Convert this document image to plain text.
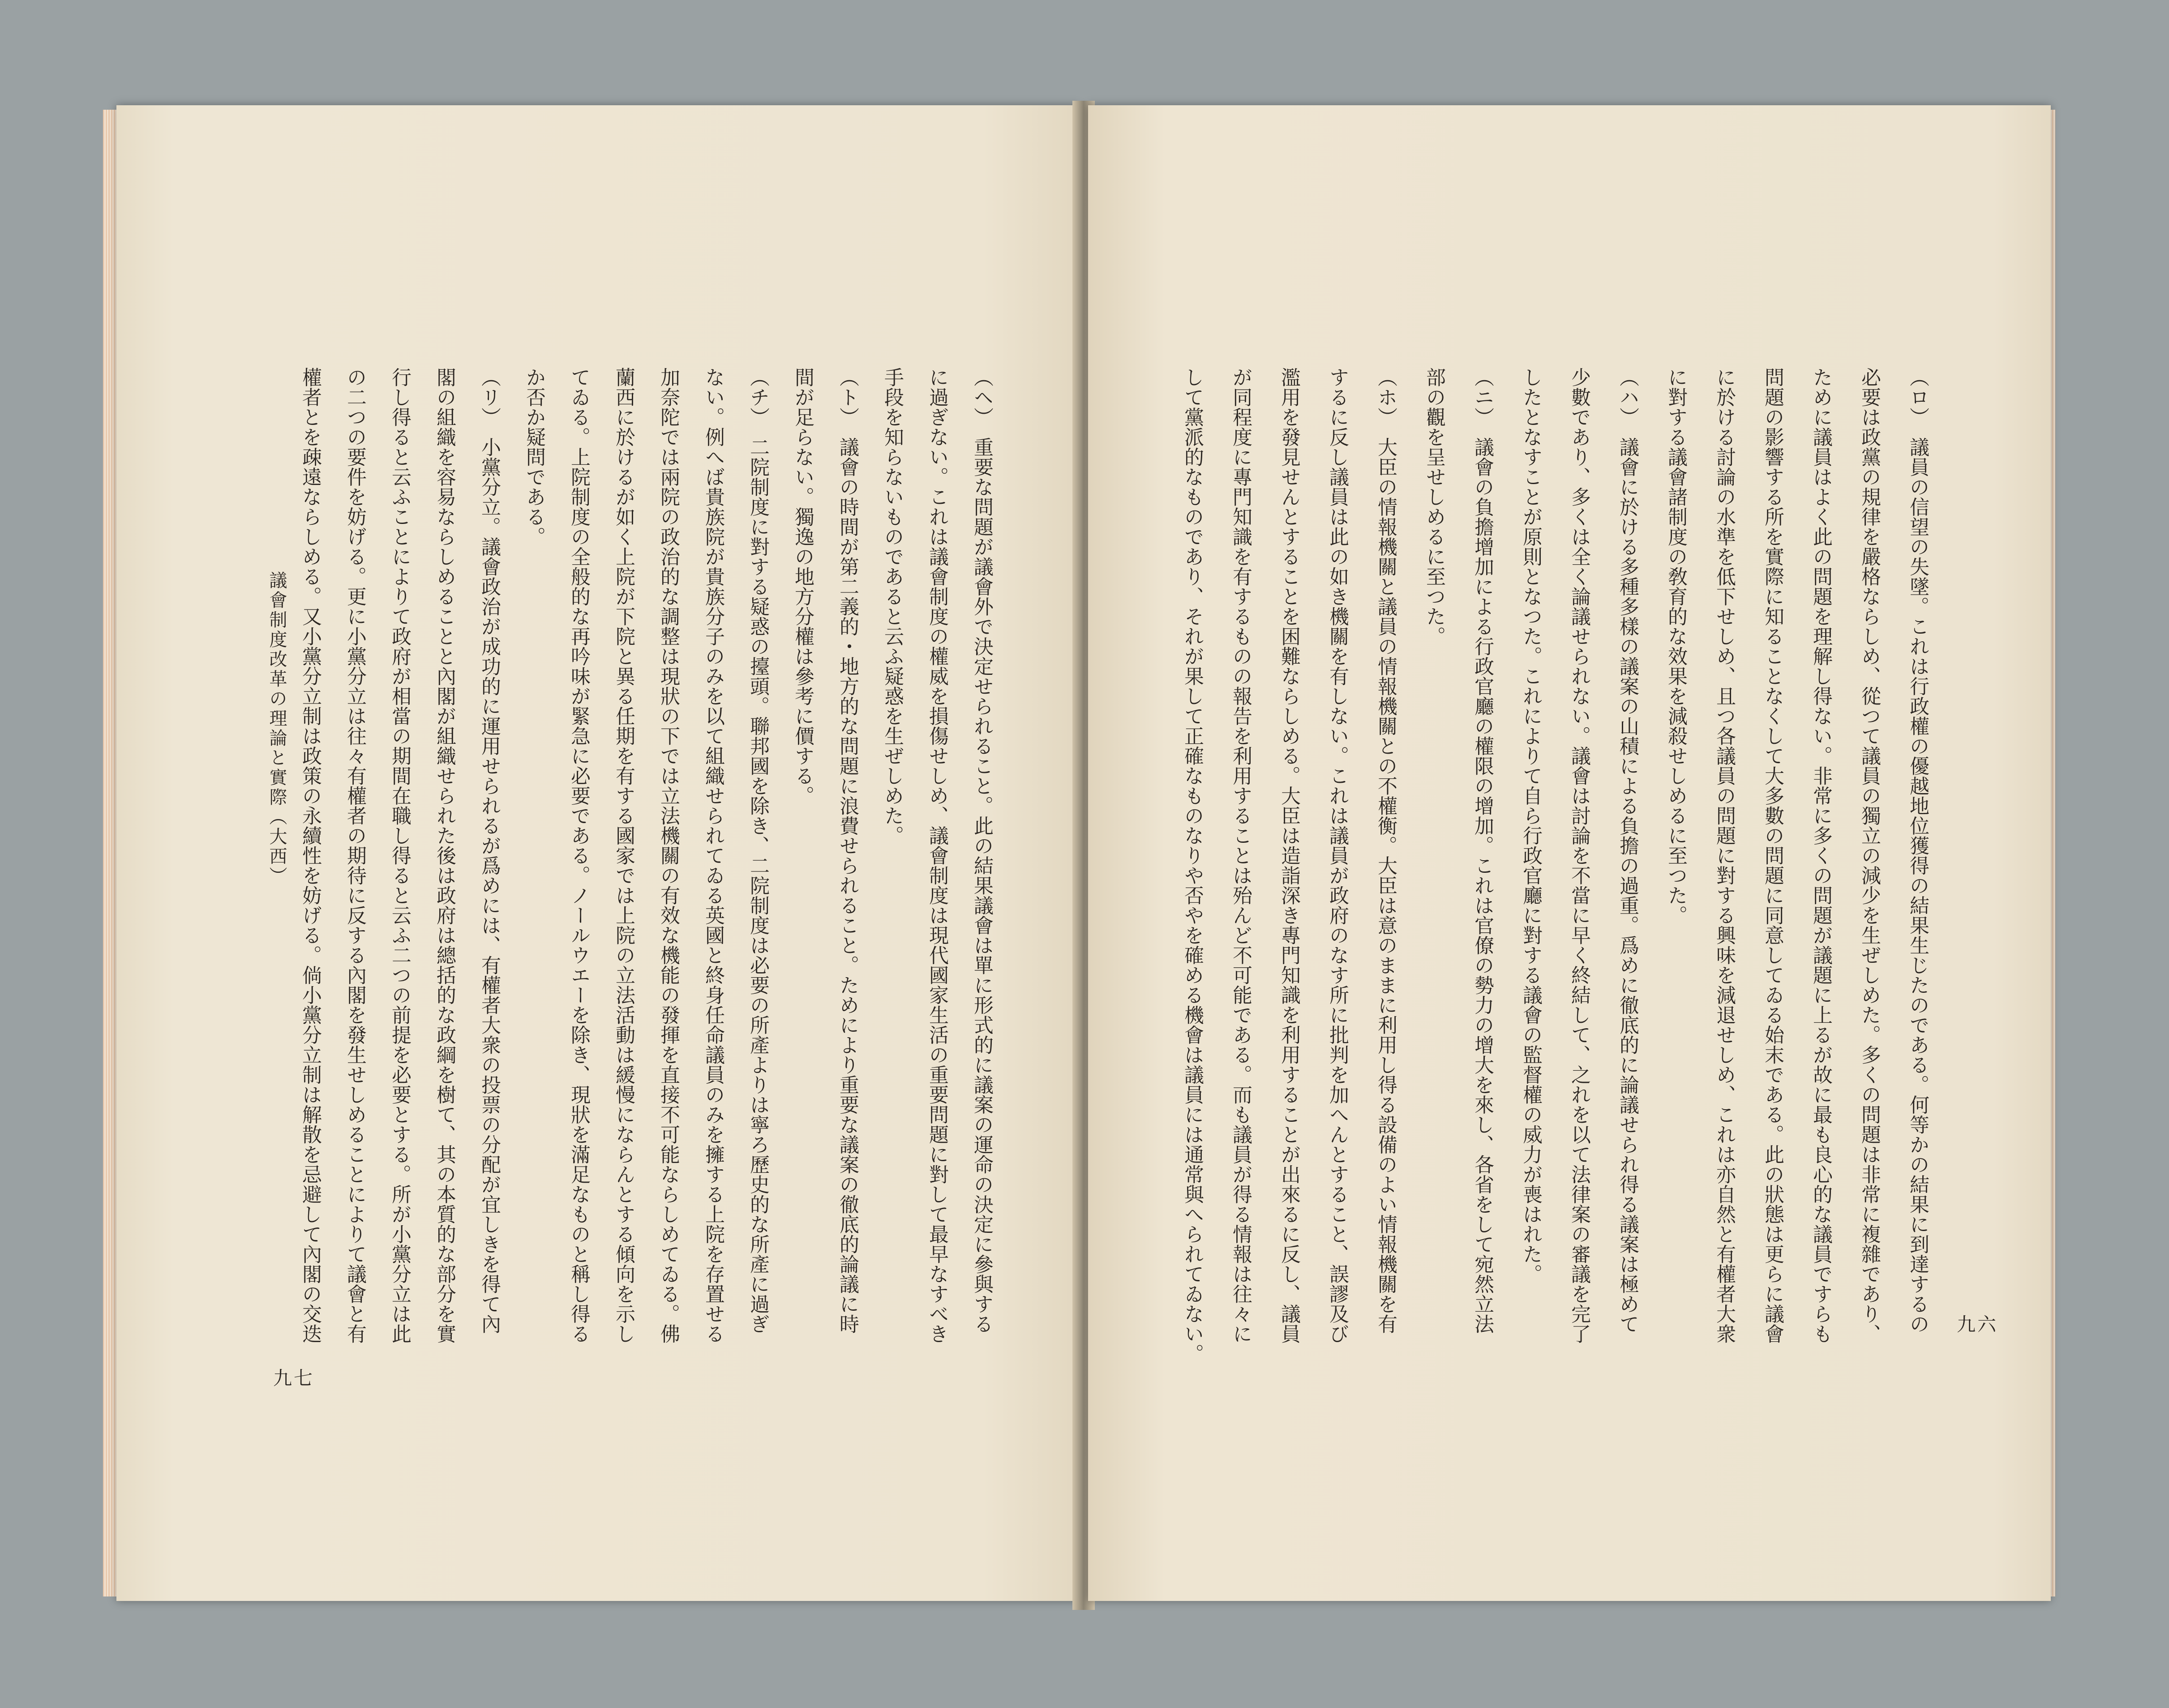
（ヘ）　重要な問題が議會外で決定せられること。此の結果議會は單に形式的に議案の運命の決定に參與する
に過ぎない。これは議會制度の權威を損傷せしめ、議會制度は現代國家生活の重要問題に對して最早なすべき
手段を知らないものであると云ふ疑惑を生ぜしめた。
（ト）　議會の時間が第二義的・地方的な問題に浪費せられること。ためにより重要な議案の徹底的論議に時
間が足らない。獨逸の地方分權は參考に價する。
（チ）　二院制度に對する疑惑の擡頭。聯邦國を除き、二院制度は必要の所產よりは寧ろ歷史的な所產に過ぎ
ない。例へば貴族院が貴族分子のみを以て組織せられてゐる英國と終身任命議員のみを擁する上院を存置せる
加奈陀では兩院の政治的な調整は現狀の下では立法機關の有效な機能の發揮を直接不可能ならしめてゐる。佛
蘭西に於けるが如く上院が下院と異る任期を有する國家では上院の立法活動は緩慢にならんとする傾向を示し
てゐる。上院制度の全般的な再吟味が緊急に必要である。ノールウエーを除き、現狀を滿足なものと稱し得る
か否か疑問である。
（リ）　小黨分立。議會政治が成功的に運用せられるが爲めには、有權者大衆の投票の分配が宜しきを得て內
閣の組織を容易ならしめることと內閣が組織せられた後は政府は總括的な政綱を樹て、其の本質的な部分を實
行し得ると云ふことによりて政府が相當の期間在職し得ると云ふ二つの前提を必要とする。所が小黨分立は此
の二つの要件を妨げる。更に小黨分立は往々有權者の期待に反する內閣を發生せしめることによりて議會と有
權者とを疎遠ならしめる。又小黨分立制は政策の永續性を妨げる。倘小黨分立制は解散を忌避して內閣の交迭
議會制度改革の理論と實際（大西）
九七
（ロ）　議員の信望の失墜。これは行政權の優越地位獲得の結果生じたのである。何等かの結果に到達するの
必要は政黨の規律を嚴格ならしめ、從つて議員の獨立の減少を生ぜしめた。多くの問題は非常に複雜であり、
ために議員はよく此の問題を理解し得ない。非常に多くの問題が議題に上るが故に最も良心的な議員ですらも
問題の影響する所を實際に知ることなくして大多數の問題に同意してゐる始末である。此の狀態は更らに議會
に於ける討論の水準を低下せしめ、且つ各議員の問題に對する興味を減退せしめ、これは亦自然と有權者大衆
に對する議會諸制度の敎育的な效果を減殺せしめるに至つた。
（ハ）　議會に於ける多種多樣の議案の山積による負擔の過重。爲めに徹底的に論議せられ得る議案は極めて
少數であり、多くは全く論議せられない。議會は討論を不當に早く終結して、之れを以て法律案の審議を完了
したとなすことが原則となつた。これによりて自ら行政官廳に對する議會の監督權の威力が喪はれた。
（ニ）　議會の負擔增加による行政官廳の權限の增加。これは官僚の勢力の增大を來し、各省をして宛然立法
部の觀を呈せしめるに至つた。
（ホ）　大臣の情報機關と議員の情報機關との不權衡。大臣は意のままに利用し得る設備のよい情報機關を有
するに反し議員は此の如き機關を有しない。これは議員が政府のなす所に批判を加へんとすること、誤謬及び
濫用を發見せんとすることを困難ならしめる。大臣は造詣深き專門知識を利用することが出來るに反し、議員
が同程度に專門知識を有するものの報告を利用することは殆んど不可能である。而も議員が得る情報は往々に
して黨派的なものであり、それが果して正確なものなりや否やを確める機會は議員には通常與へられてゐない。	九六
